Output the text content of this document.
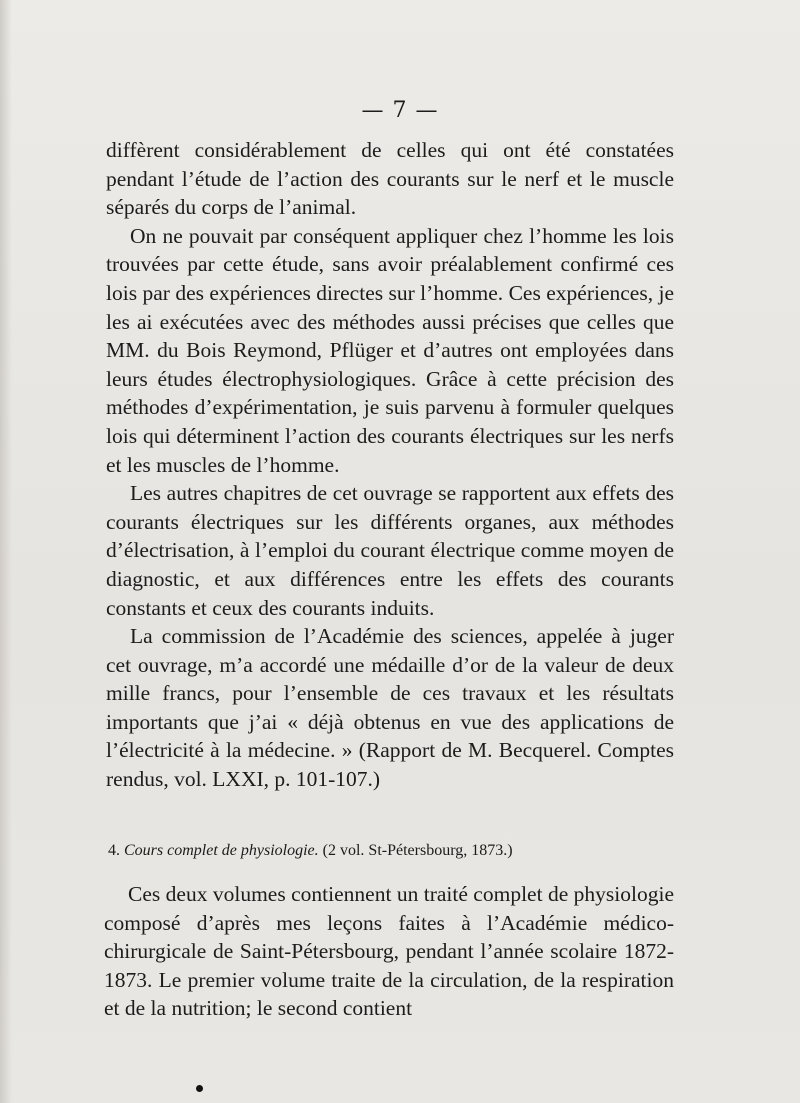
— 7 —

diffèrent considérablement de celles qui ont été constatées pendant l’étude de l’action des courants sur le nerf et le muscle séparés du corps de l’animal.

On ne pouvait par conséquent appliquer chez l’homme les lois trouvées par cette étude, sans avoir préalablement confirmé ces lois par des expériences directes sur l’homme. Ces expériences, je les ai exécutées avec des méthodes aussi précises que celles que MM. du Bois Reymond, Pflüger et d’autres ont employées dans leurs études électrophysiologiques. Grâce à cette précision des méthodes d’expérimentation, je suis parvenu à formuler quelques lois qui déterminent l’action des courants électriques sur les nerfs et les muscles de l’homme.

Les autres chapitres de cet ouvrage se rapportent aux effets des courants électriques sur les différents organes, aux méthodes d’électrisation, à l’emploi du courant électrique comme moyen de diagnostic, et aux différences entre les effets des courants constants et ceux des courants induits.

La commission de l’Académie des sciences, appelée à juger cet ouvrage, m’a accordé une médaille d’or de la valeur de deux mille francs, pour l’ensemble de ces travaux et les résultats importants que j’ai « déjà obtenus en vue des applications de l’électricité à la médecine. » (Rapport de M. Becquerel. Comptes rendus, vol. LXXI, p. 101-107.)

4. Cours complet de physiologie. (2 vol. St-Pétersbourg, 1873.)

Ces deux volumes contiennent un traité complet de physiologie composé d’après mes leçons faites à l’Académie médico-chirurgicale de Saint-Pétersbourg, pendant l’année scolaire 1872-1873. Le premier volume traite de la circulation, de la respiration et de la nutrition; le second contient
